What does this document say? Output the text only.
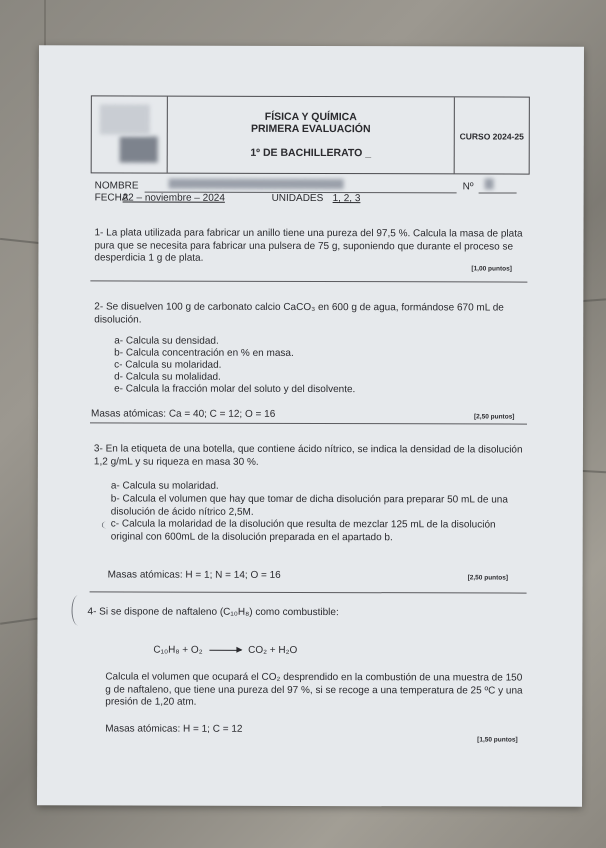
FÍSICA Y QUÍMICA
PRIMERA EVALUACIÓN
1º DE BACHILLERATO _
CURSO 2024-25
NOMBRE	Nº
FECHA
22 – noviembre – 2024	UNIDADES 1, 2, 3
1- La plata utilizada para fabricar un anillo tiene una pureza del 97,5 %. Calcula la masa de plata pura que se necesita para fabricar una pulsera de 75 g, suponiendo que durante el proceso se desperdicia 1 g de plata.
[1,00 puntos]
2- Se disuelven 100 g de carbonato calcio CaCO₃ en 600 g de agua, formándose 670 mL de disolución.
a- Calcula su densidad.
b- Calcula concentración en % en masa.
c- Calcula su molaridad.
d- Calcula su molalidad.
e- Calcula la fracción molar del soluto y del disolvente.
Masas atómicas: Ca = 40; C = 12; O = 16	[2,50 puntos]
3- En la etiqueta de una botella, que contiene ácido nítrico, se indica la densidad de la disolución 1,2 g/mL y su riqueza en masa 30 %.
a- Calcula su molaridad.
b- Calcula el volumen que hay que tomar de dicha disolución para preparar 50 mL de una disolución de ácido nítrico 2,5M.
c- Calcula la molaridad de la disolución que resulta de mezclar 125 mL de la disolución original con 600mL de la disolución preparada en el apartado b.
Masas atómicas: H = 1; N = 14; O = 16	[2,50 puntos]
4- Si se dispone de naftaleno (C₁₀H₈) como combustible:
C₁₀H₈ + O₂	CO₂ + H₂O
Calcula el volumen que ocupará el CO₂ desprendido en la combustión de una muestra de 150 g de naftaleno, que tiene una pureza del 97 %, si se recoge a una temperatura de 25 ºC y una presión de 1,20 atm.
Masas atómicas: H = 1; C = 12
[1,50 puntos]
